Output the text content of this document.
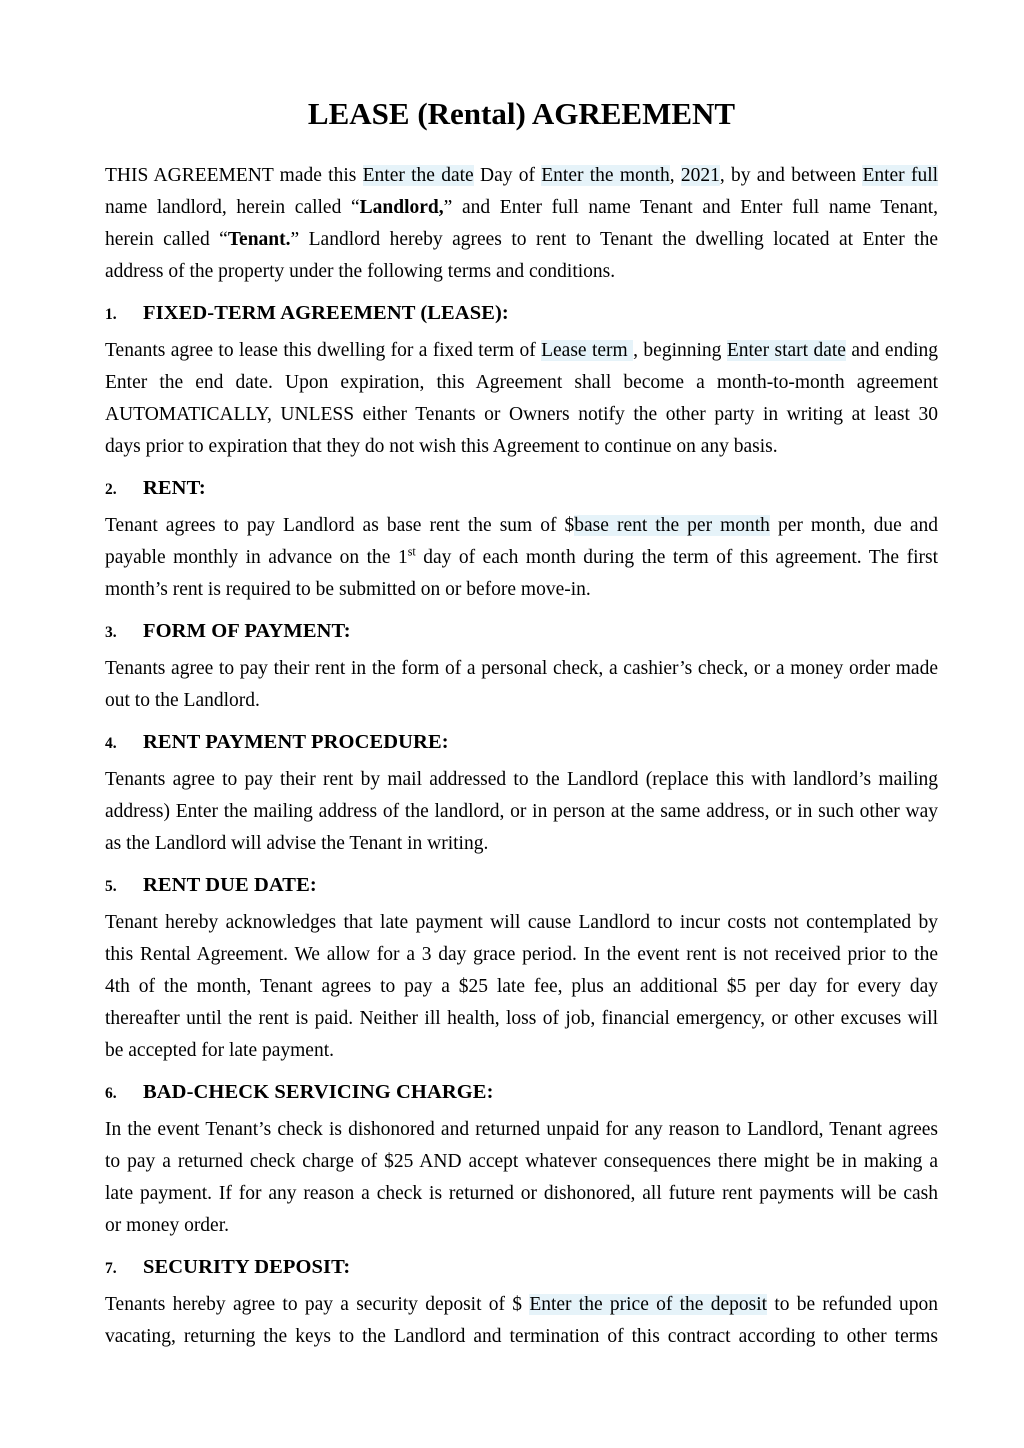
LEASE (Rental) AGREEMENT
THIS AGREEMENT made this Enter the date Day of Enter the month, 2021, by and between Enter full
name landlord, herein called “Landlord,” and Enter full name Tenant and Enter full name Tenant,
herein called “Tenant.” Landlord hereby agrees to rent to Tenant the dwelling located at Enter the
address of the property under the following terms and conditions.
1.	FIXED-TERM AGREEMENT (LEASE):
Tenants agree to lease this dwelling for a fixed term of Lease term , beginning Enter start date and ending
Enter the end date. Upon expiration, this Agreement shall become a month-to-month agreement
AUTOMATICALLY, UNLESS either Tenants or Owners notify the other party in writing at least 30
days prior to expiration that they do not wish this Agreement to continue on any basis.
2.	RENT:
Tenant agrees to pay Landlord as base rent the sum of $base rent the per month per month, due and
payable monthly in advance on the 1st day of each month during the term of this agreement. The first
month’s rent is required to be submitted on or before move-in.
3.	FORM OF PAYMENT:
Tenants agree to pay their rent in the form of a personal check, a cashier’s check, or a money order made
out to the Landlord.
4.	RENT PAYMENT PROCEDURE:
Tenants agree to pay their rent by mail addressed to the Landlord (replace this with landlord’s mailing
address) Enter the mailing address of the landlord, or in person at the same address, or in such other way
as the Landlord will advise the Tenant in writing.
5.	RENT DUE DATE:
Tenant hereby acknowledges that late payment will cause Landlord to incur costs not contemplated by
this Rental Agreement. We allow for a 3 day grace period. In the event rent is not received prior to the
4th of the month, Tenant agrees to pay a $25 late fee, plus an additional $5 per day for every day
thereafter until the rent is paid. Neither ill health, loss of job, financial emergency, or other excuses will
be accepted for late payment.
6.	BAD-CHECK SERVICING CHARGE:
In the event Tenant’s check is dishonored and returned unpaid for any reason to Landlord, Tenant agrees
to pay a returned check charge of $25 AND accept whatever consequences there might be in making a
late payment. If for any reason a check is returned or dishonored, all future rent payments will be cash
or money order.
7.	SECURITY DEPOSIT:
Tenants hereby agree to pay a security deposit of $ Enter the price of the deposit to be refunded upon
vacating, returning the keys to the Landlord and termination of this contract according to other terms
